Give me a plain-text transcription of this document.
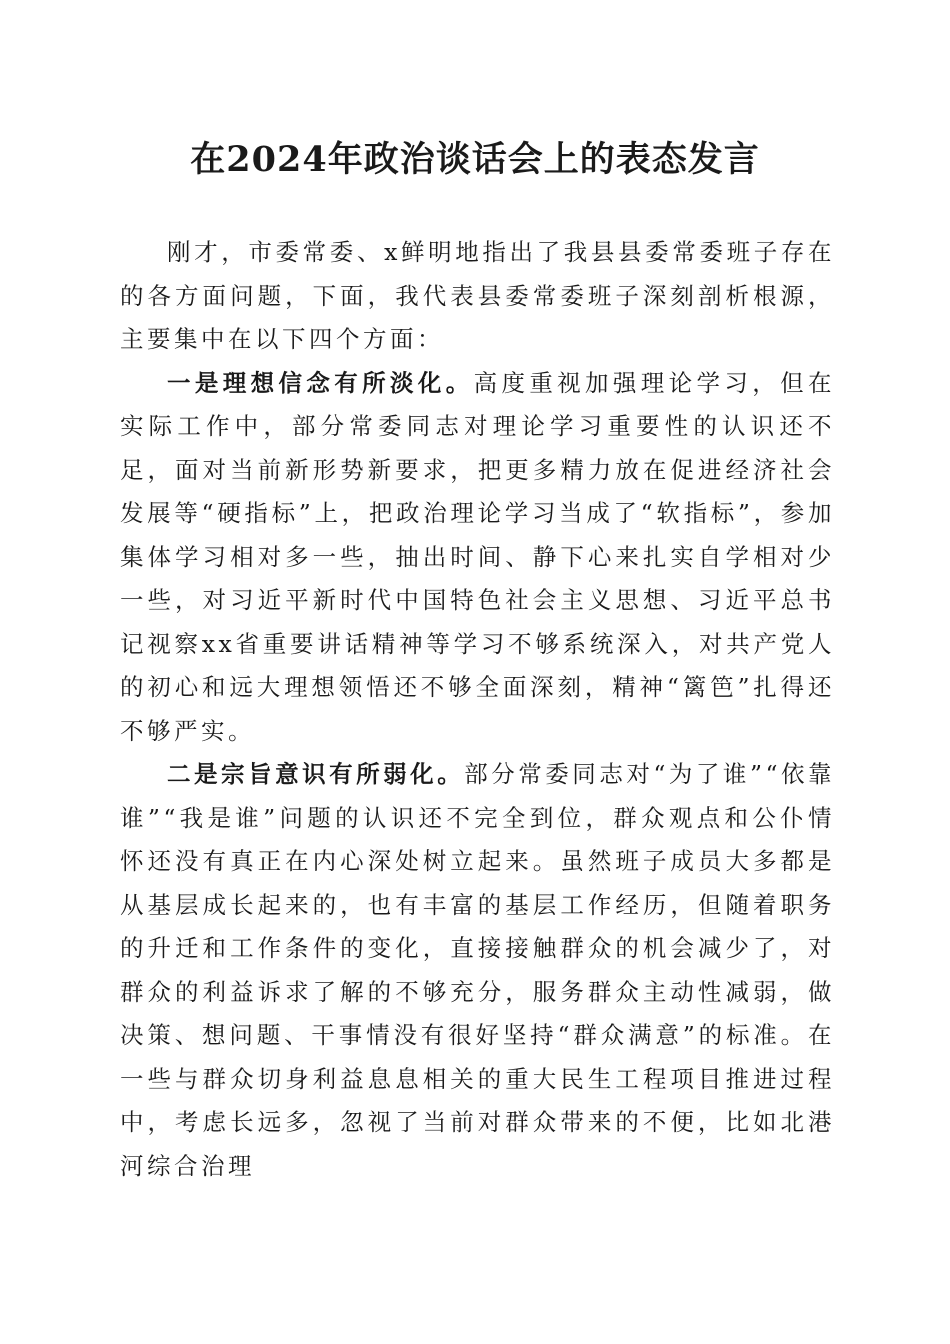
在2024年政治谈话会上的表态发言

刚才，市委常委、x鲜明地指出了我县县委常委班子存在的各方面问题，下面，我代表县委常委班子深刻剖析根源，主要集中在以下四个方面：

一是理想信念有所淡化。高度重视加强理论学习，但在实际工作中，部分常委同志对理论学习重要性的认识还不足，面对当前新形势新要求，把更多精力放在促进经济社会发展等“硬指标”上，把政治理论学习当成了“软指标”，参加集体学习相对多一些，抽出时间、静下心来扎实自学相对少一些，对习近平新时代中国特色社会主义思想、习近平总书记视察xx省重要讲话精神等学习不够系统深入，对共产党人的初心和远大理想领悟还不够全面深刻，精神“篱笆”扎得还不够严实。

二是宗旨意识有所弱化。部分常委同志对“为了谁”“依靠谁”“我是谁”问题的认识还不完全到位，群众观点和公仆情怀还没有真正在内心深处树立起来。虽然班子成员大多都是从基层成长起来的，也有丰富的基层工作经历，但随着职务的升迁和工作条件的变化，直接接触群众的机会减少了，对群众的利益诉求了解的不够充分，服务群众主动性减弱，做决策、想问题、干事情没有很好坚持“群众满意”的标准。在一些与群众切身利益息息相关的重大民生工程项目推进过程中，考虑长远多，忽视了当前对群众带来的不便，比如北港河综合治理
